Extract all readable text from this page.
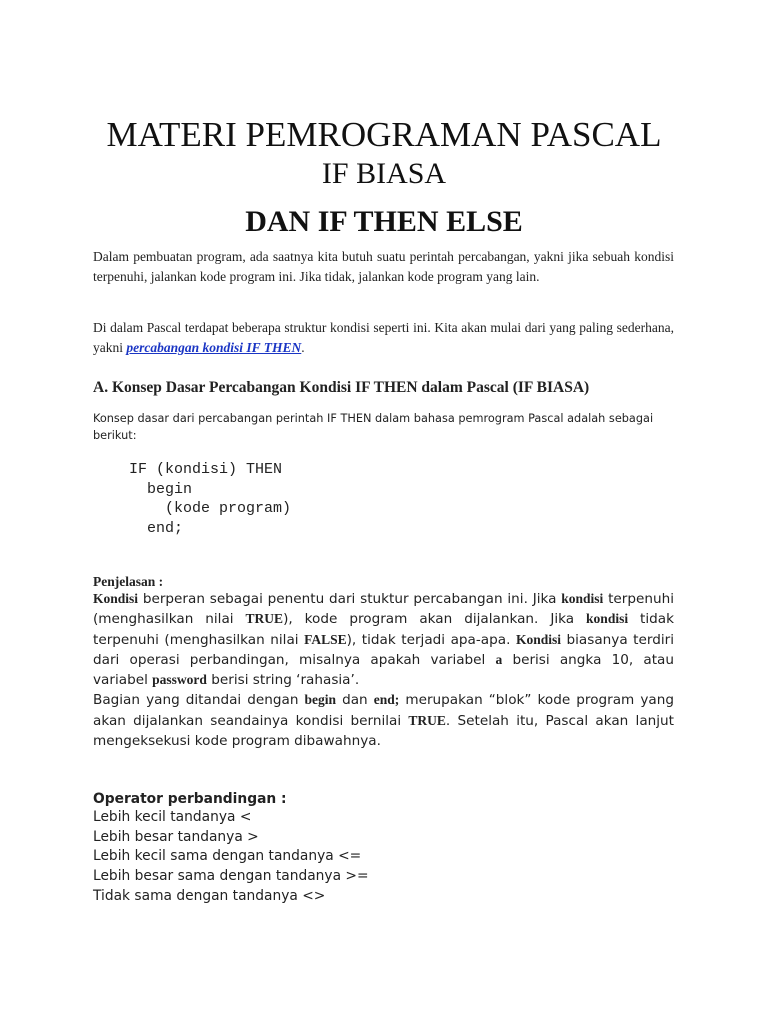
MATERI PEMROGRAMAN PASCAL
IF BIASA
DAN IF THEN ELSE

Dalam pembuatan program, ada saatnya kita butuh suatu perintah percabangan, yakni jika sebuah kondisi terpenuhi, jalankan kode program ini. Jika tidak, jalankan kode program yang lain.

Di dalam Pascal terdapat beberapa struktur kondisi seperti ini. Kita akan mulai dari yang paling sederhana, yakni percabangan kondisi IF THEN.

A. Konsep Dasar Percabangan Kondisi IF THEN dalam Pascal (IF BIASA)

Konsep dasar dari percabangan perintah IF THEN dalam bahasa pemrogram Pascal adalah sebagai berikut:

IF (kondisi) THEN
begin
(kode program)
end;

Penjelasan :

Kondisi berperan sebagai penentu dari stuktur percabangan ini. Jika kondisi terpenuhi (menghasilkan nilai TRUE), kode program akan dijalankan. Jika kondisi tidak terpenuhi (menghasilkan nilai FALSE), tidak terjadi apa-apa. Kondisi biasanya terdiri dari operasi perbandingan, misalnya apakah variabel a berisi angka 10, atau variabel password berisi string ‘rahasia’.
Bagian yang ditandai dengan begin dan end; merupakan “blok” kode program yang akan dijalankan seandainya kondisi bernilai TRUE. Setelah itu, Pascal akan lanjut mengeksekusi kode program dibawahnya.

Operator perbandingan :

Lebih kecil tandanya <
Lebih besar tandanya >
Lebih kecil sama dengan tandanya <=
Lebih besar sama dengan tandanya >=
Tidak sama dengan tandanya <>
